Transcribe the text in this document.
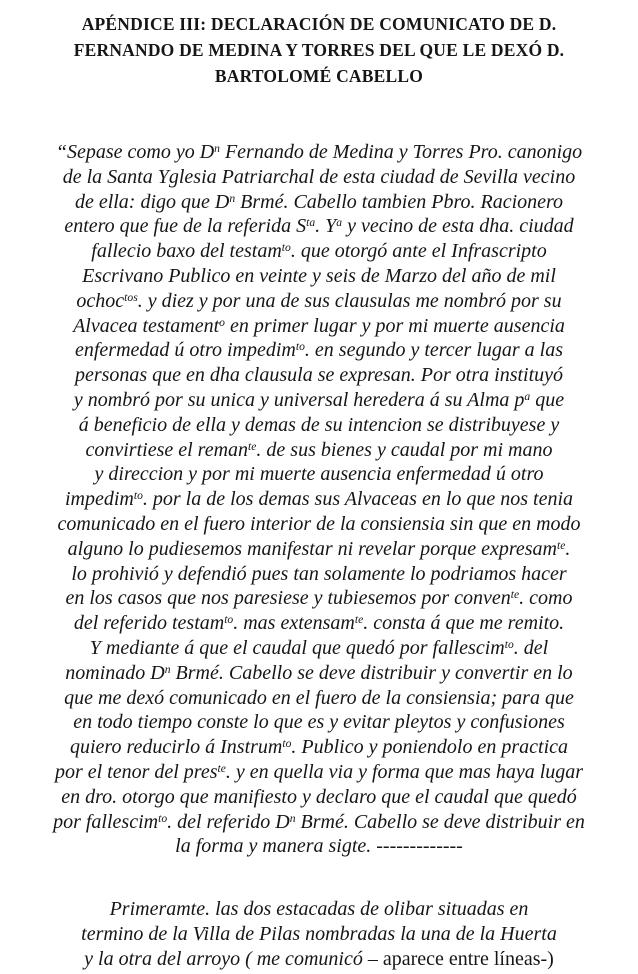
APÉNDICE III: DECLARACIÓN DE COMUNICATO DE D.
FERNANDO DE MEDINA Y TORRES DEL QUE LE DEXÓ D.
BARTOLOMÉ CABELLO
“Sepase como yo $D^n$ Fernando de Medina y Torres Pro. canonigo
de la Santa Yglesia Patriarchal de esta ciudad de Sevilla vecino
de ella: digo que $D^n$ Brmé. Cabello tambien Pbro. Racionero
entero que fue de la referida $S^{ta}$. $Y^a$ y vecino de esta dha. ciudad
fallecio baxo del testam$^{to}$. que otorgó ante el Infrascripto
Escrivano Publico en veinte y seis de Marzo del año de mil
ochoc$^{tos}$. y diez y por una de sus clausulas me nombró por su
Alvacea testament$^o$ en primer lugar y por mi muerte ausencia
enfermedad ú otro impedim$^{to}$. en segundo y tercer lugar a las
personas que en dha clausula se expresan. Por otra instituyó
y nombró por su unica y universal heredera á su Alma $p^a$ que
á beneficio de ella y demas de su intencion se distribuyese y
convirtiese el reman$^{te}$. de sus bienes y caudal por mi mano
y direccion y por mi muerte ausencia enfermedad ú otro
impedim$^{to}$. por la de los demas sus Alvaceas en lo que nos tenia
comunicado en el fuero interior de la consiensia sin que en modo
alguno lo pudiesemos manifestar ni revelar porque expresam$^{te}$.
lo prohivió y defendió pues tan solamente lo podriamos hacer
en los casos que nos paresiese y tubiesemos por conven$^{te}$. como
del referido testam$^{to}$. mas extensam$^{te}$. consta á que me remito.
Y mediante á que el caudal que quedó por fallescim$^{to}$. del
nominado $D^n$ Brmé. Cabello se deve distribuir y convertir en lo
que me dexó comunicado en el fuero de la consiensia; para que
en todo tiempo conste lo que es y evitar pleytos y confusiones
quiero reducirlo á Instrum$^{to}$. Publico y poniendolo en practica
por el tenor del pres$^{te}$. y en quella via y forma que mas haya lugar
en dro. otorgo que manifiesto y declaro que el caudal que quedó
por fallescim$^{to}$. del referido $D^n$ Brmé. Cabello se deve distribuir en
la forma y manera sigte. -------------
Primeramte. las dos estacadas de olibar situadas en
termino de la Villa de Pilas nombradas la una de la Huerta
y la otra del arroyo ( me comunicó – aparece entre líneas-)
